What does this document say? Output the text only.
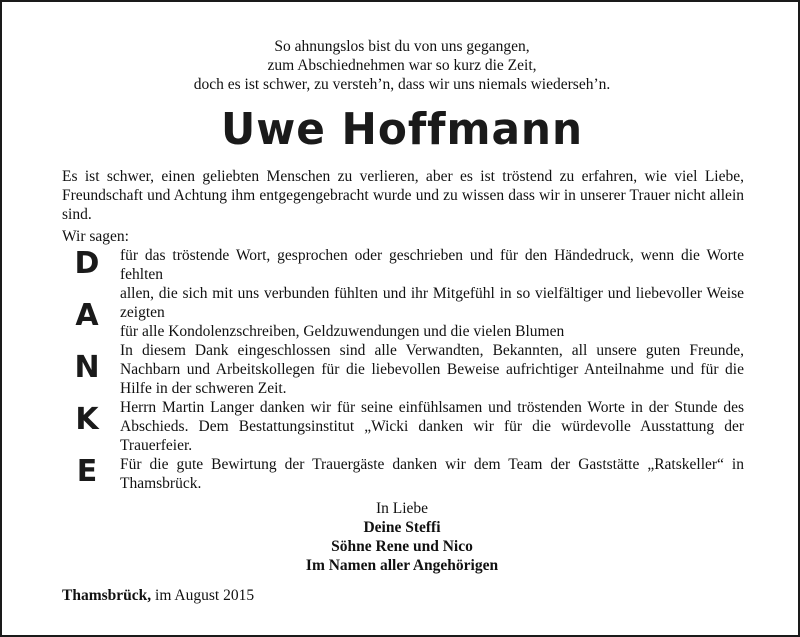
So ahnungslos bist du von uns gegangen,
zum Abschiednehmen war so kurz die Zeit,
doch es ist schwer, zu versteh’n, dass wir uns niemals wiederseh’n.
Uwe Hoffmann
Es ist schwer, einen geliebten Menschen zu verlieren, aber es ist tröstend zu erfahren, wie viel Liebe, Freundschaft und Achtung ihm entgegengebracht wurde und zu wissen dass wir in unserer Trauer nicht allein sind.
Wir sagen:
D
A
N
K
E
für das tröstende Wort, gesprochen oder geschrieben und für den Händedruck, wenn die Worte fehlten
allen, die sich mit uns verbunden fühlten und ihr Mitgefühl in so vielfältiger und liebevoller Weise zeigten
für alle Kondolenzschreiben, Geldzuwendungen und die vielen Blumen
In diesem Dank eingeschlossen sind alle Verwandten, Bekannten, all unsere guten Freunde, Nachbarn und Arbeitskollegen für die liebevollen Beweise aufrichtiger Anteilnahme und für die Hilfe in der schweren Zeit.
Herrn Martin Langer danken wir für seine einfühlsamen und tröstenden Worte in der Stunde des Abschieds. Dem Bestattungsinstitut „Wicki danken wir für die würdevolle Ausstattung der Trauerfeier.
Für die gute Bewirtung der Trauergäste danken wir dem Team der Gaststätte „Ratskeller“ in Thamsbrück.
In Liebe
Deine Steffi
Söhne Rene und Nico
Im Namen aller Angehörigen
Thamsbrück, im August 2015
